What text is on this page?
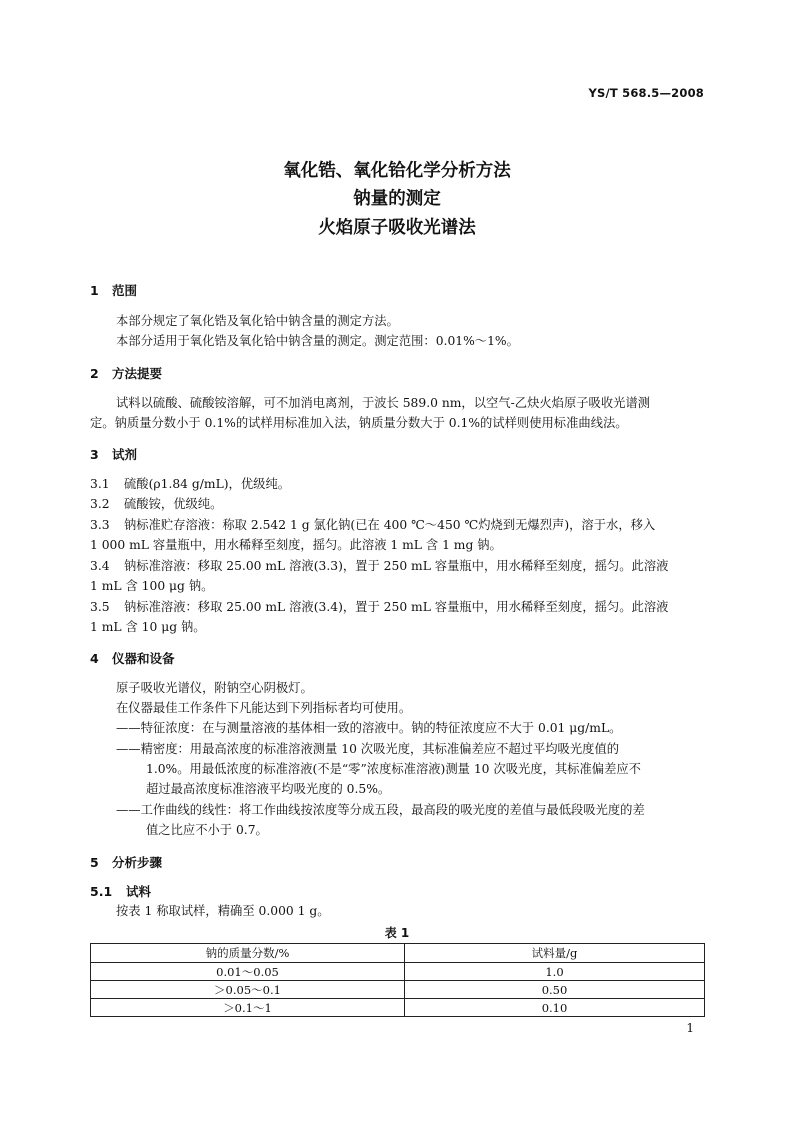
YS/T 568.5—2008
氧化锆、氧化铪化学分析方法
钠量的测定
火焰原子吸收光谱法
1 范围
本部分规定了氧化锆及氧化铪中钠含量的测定方法。
本部分适用于氧化锆及氧化铪中钠含量的测定。测定范围：0.01%～1%。
2 方法提要
试料以硫酸、硫酸铵溶解，可不加消电离剂，于波长 589.0 nm，以空气-乙炔火焰原子吸收光谱测
定。钠质量分数小于 0.1%的试样用标准加入法，钠质量分数大于 0.1%的试样则使用标准曲线法。
3 试剂
3.1 硫酸(ρ1.84 g/mL)，优级纯。
3.2 硫酸铵，优级纯。
3.3 钠标准贮存溶液：称取 2.542 1 g 氯化钠(已在 400 ℃～450 ℃灼烧到无爆烈声)，溶于水，移入
1 000 mL 容量瓶中，用水稀释至刻度，摇匀。此溶液 1 mL 含 1 mg 钠。
3.4 钠标准溶液：移取 25.00 mL 溶液(3.3)，置于 250 mL 容量瓶中，用水稀释至刻度，摇匀。此溶液
1 mL 含 100 μg 钠。
3.5 钠标准溶液：移取 25.00 mL 溶液(3.4)，置于 250 mL 容量瓶中，用水稀释至刻度，摇匀。此溶液
1 mL 含 10 μg 钠。
4 仪器和设备
原子吸收光谱仪，附钠空心阴极灯。
在仪器最佳工作条件下凡能达到下列指标者均可使用。
——特征浓度：在与测量溶液的基体相一致的溶液中。钠的特征浓度应不大于 0.01 μg/mL。
——精密度：用最高浓度的标准溶液测量 10 次吸光度，其标准偏差应不超过平均吸光度值的
1.0%。用最低浓度的标准溶液(不是“零”浓度标准溶液)测量 10 次吸光度，其标准偏差应不
超过最高浓度标准溶液平均吸光度的 0.5%。
——工作曲线的线性：将工作曲线按浓度等分成五段，最高段的吸光度的差值与最低段吸光度的差
值之比应不小于 0.7。
5 分析步骤
5.1 试料
按表 1 称取试样，精确至 0.000 1 g。
表 1
钠的质量分数/%	试料量/g
0.01～0.05	1.0
＞0.05～0.1	0.50
＞0.1～1	0.10
1
